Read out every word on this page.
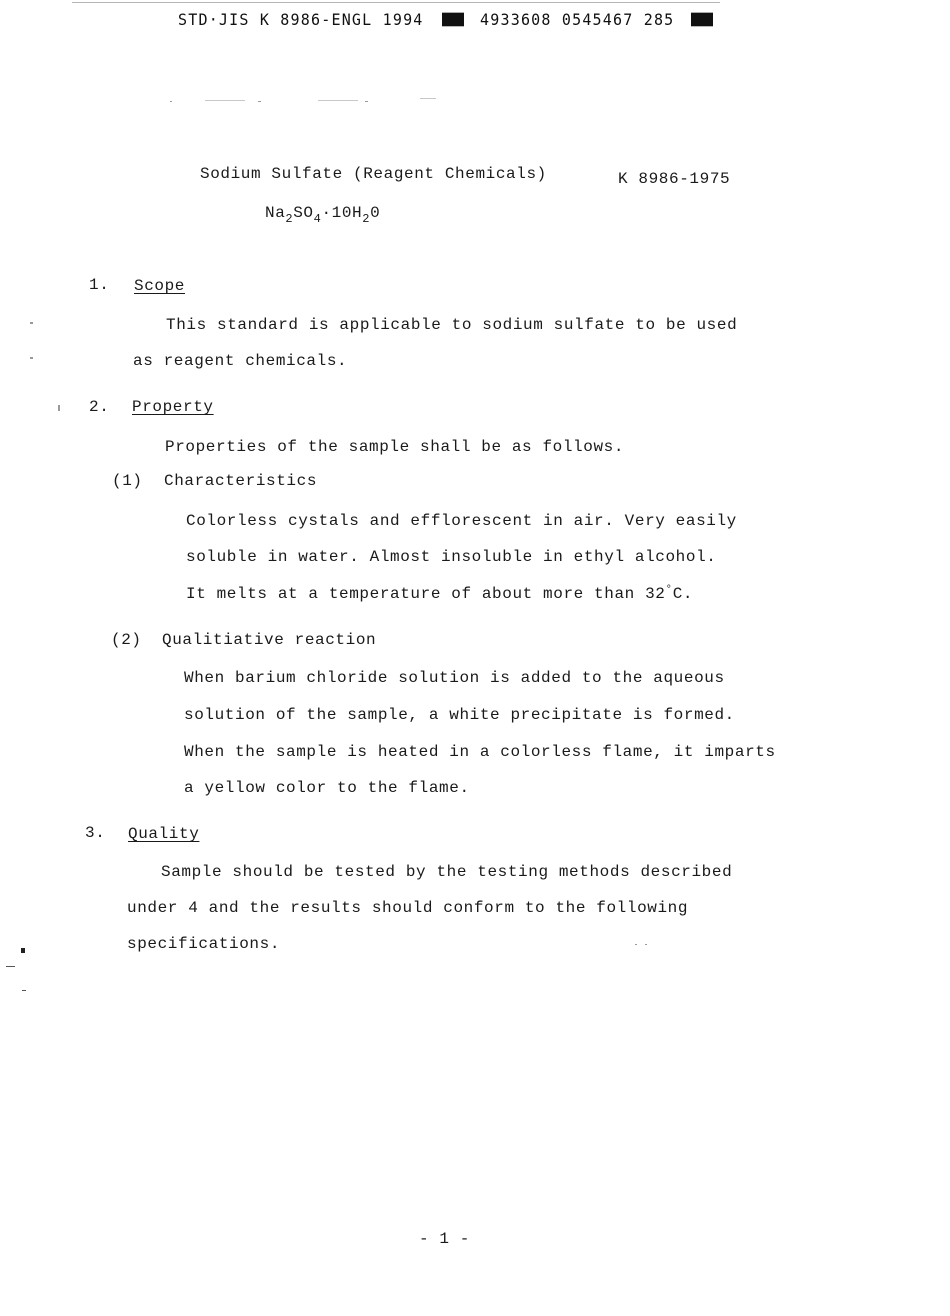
STD·JIS K 8986-ENGL 1994	4933608 0545467 285
Sodium Sulfate (Reagent Chemicals)	K 8986-1975
$Na_2SO_4\cdot 10H_20$
1. Scope
This standard is applicable to sodium sulfate to be used
as reagent chemicals.
2. Property
Properties of the sample shall be as follows.
(1) Characteristics
Colorless cystals and efflorescent in air. Very easily
soluble in water. Almost insoluble in ethyl alcohol.
It melts at a temperature of about more than 32°C.
(2) Qualitiative reaction
When barium chloride solution is added to the aqueous
solution of the sample, a white precipitate is formed.
When the sample is heated in a colorless flame, it imparts
a yellow color to the flame.
3. Quality
Sample should be tested by the testing methods described
under 4 and the results should conform to the following
specifications.
- 1 -
